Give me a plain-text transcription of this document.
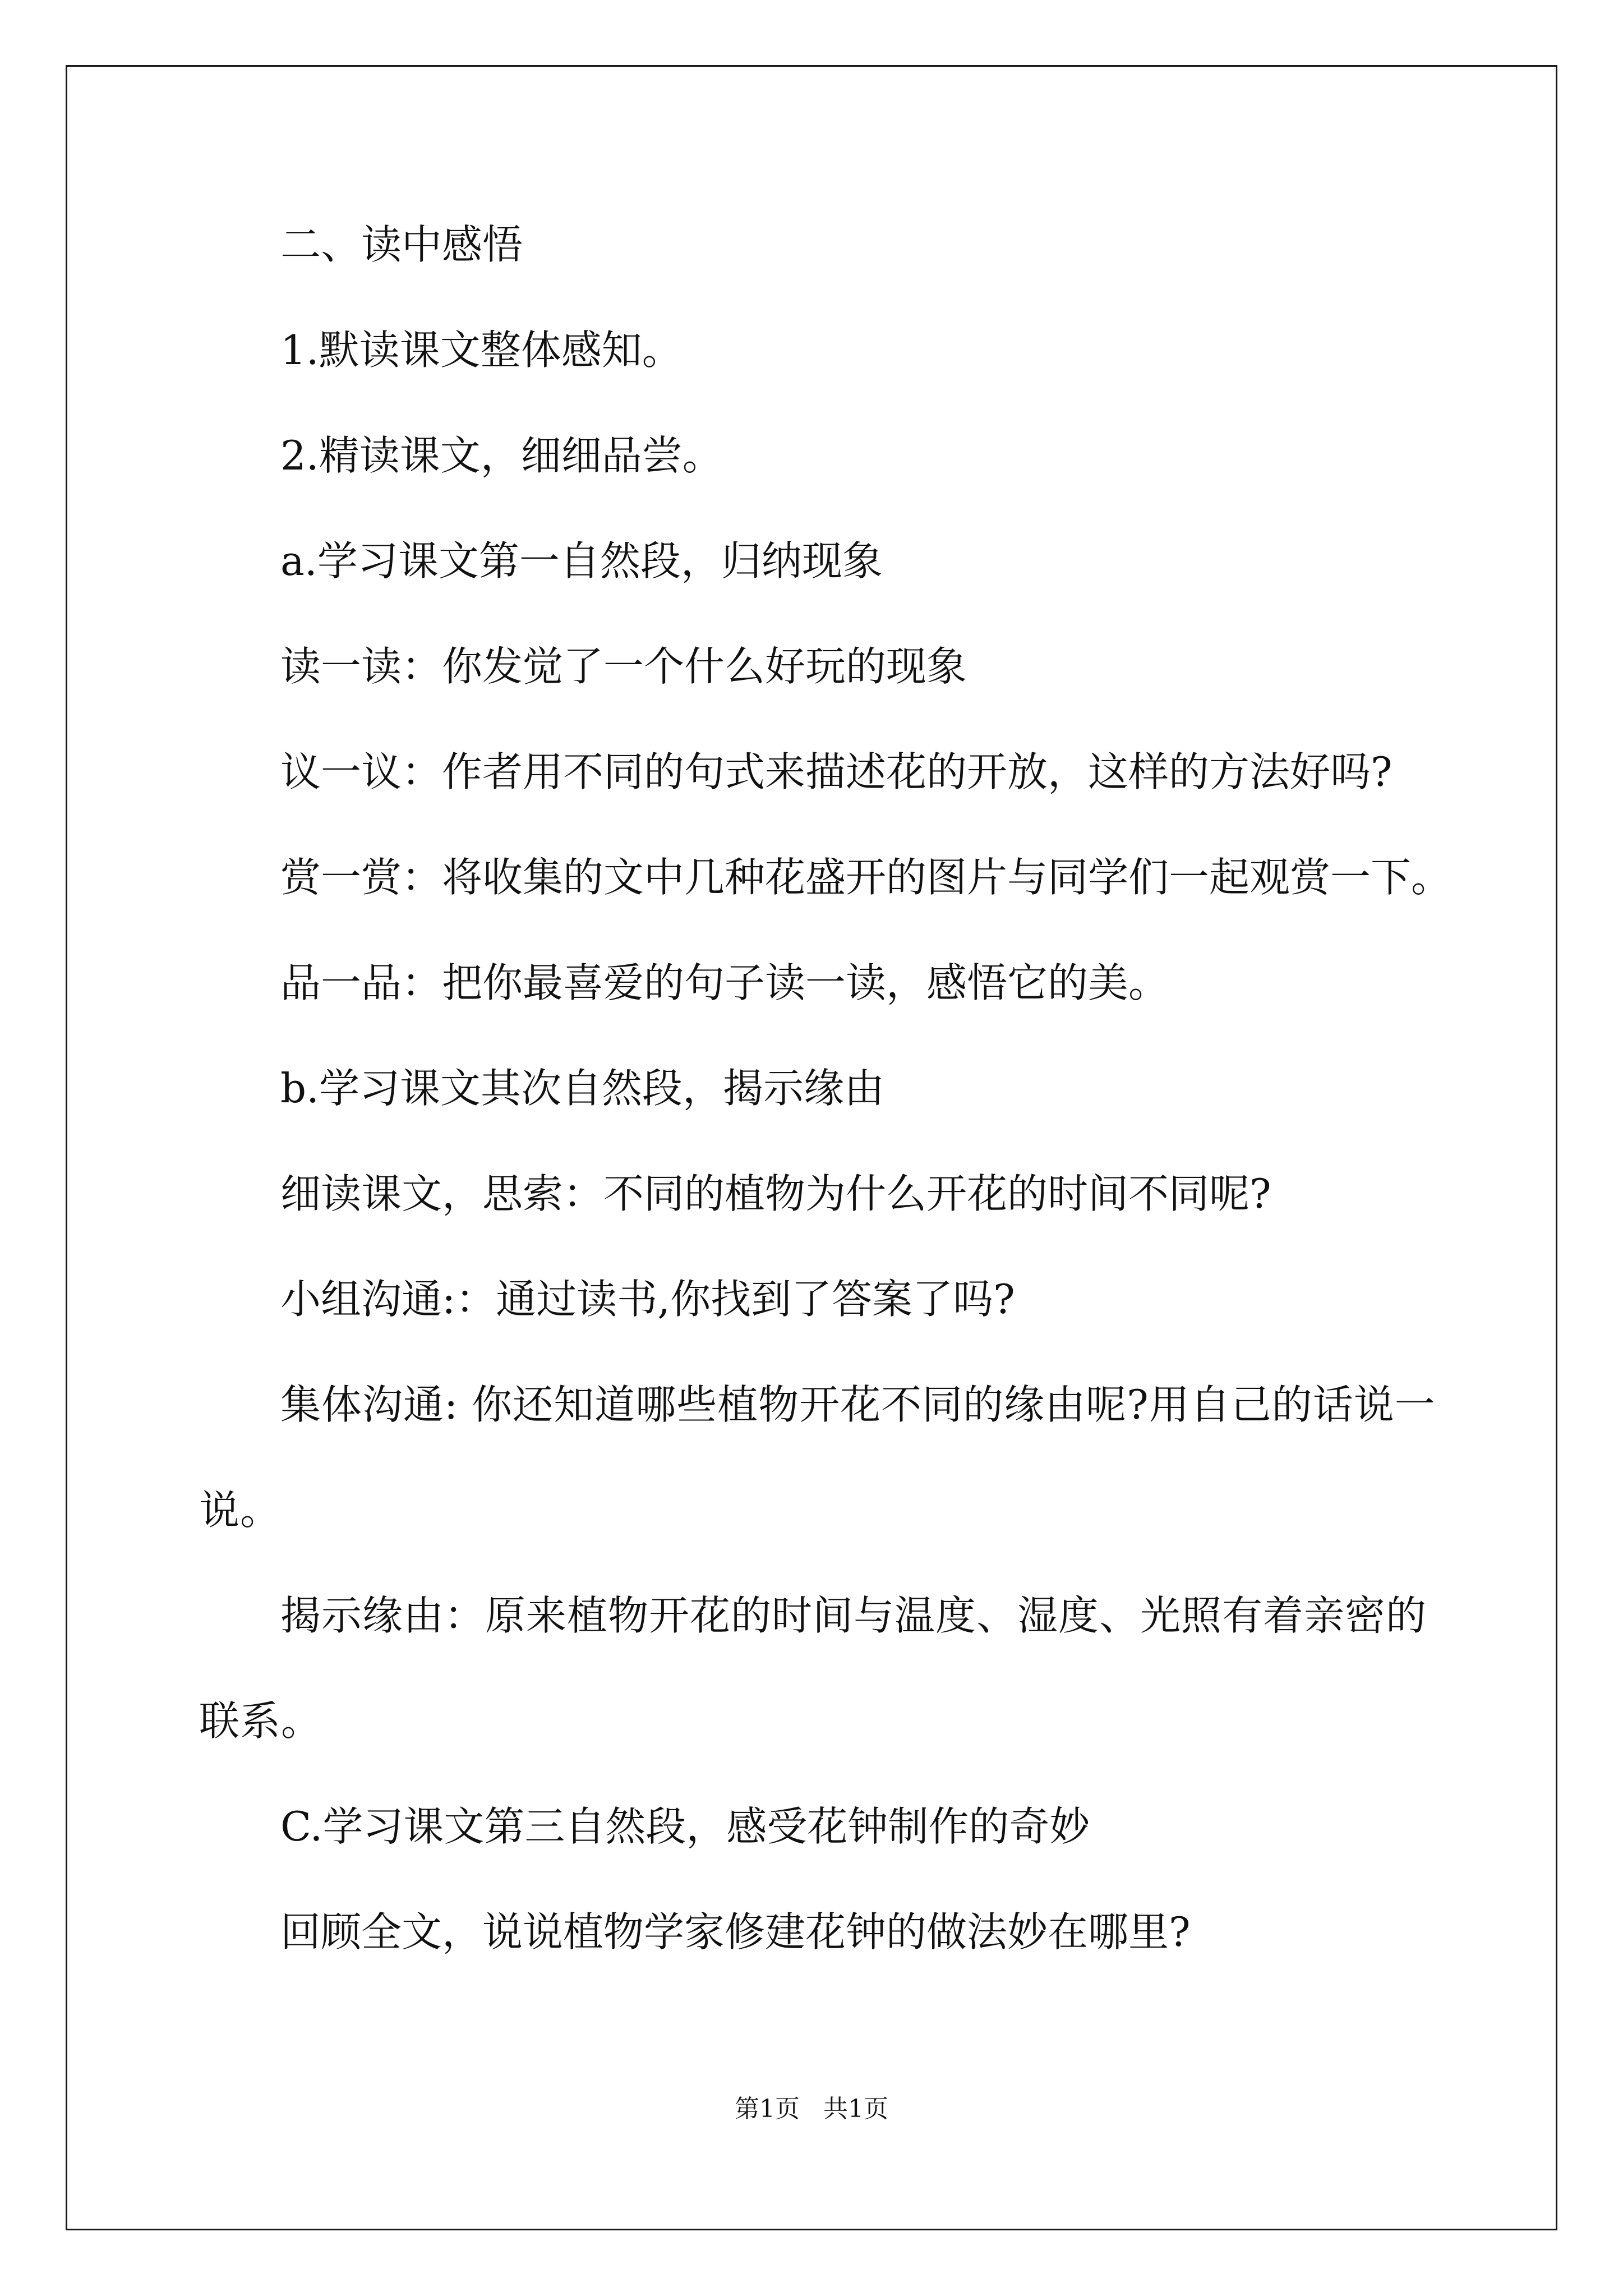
二、读中感悟

1.默读课文整体感知。

2.精读课文，细细品尝。

a.学习课文第一自然段，归纳现象

读一读：你发觉了一个什么好玩的现象

议一议：作者用不同的句式来描述花的开放，这样的方法好吗?

赏一赏：将收集的文中几种花盛开的图片与同学们一起观赏一下。

品一品：把你最喜爱的句子读一读，感悟它的美。

b.学习课文其次自然段，揭示缘由

细读课文，思索：不同的植物为什么开花的时间不同呢?

小组沟通:：通过读书,你找到了答案了吗?

集体沟通: 你还知道哪些植物开花不同的缘由呢?用自己的话说一说。

揭示缘由：原来植物开花的时间与温度、湿度、光照有着亲密的联系。

C.学习课文第三自然段，感受花钟制作的奇妙

回顾全文，说说植物学家修建花钟的做法妙在哪里?

第1页   共1页
